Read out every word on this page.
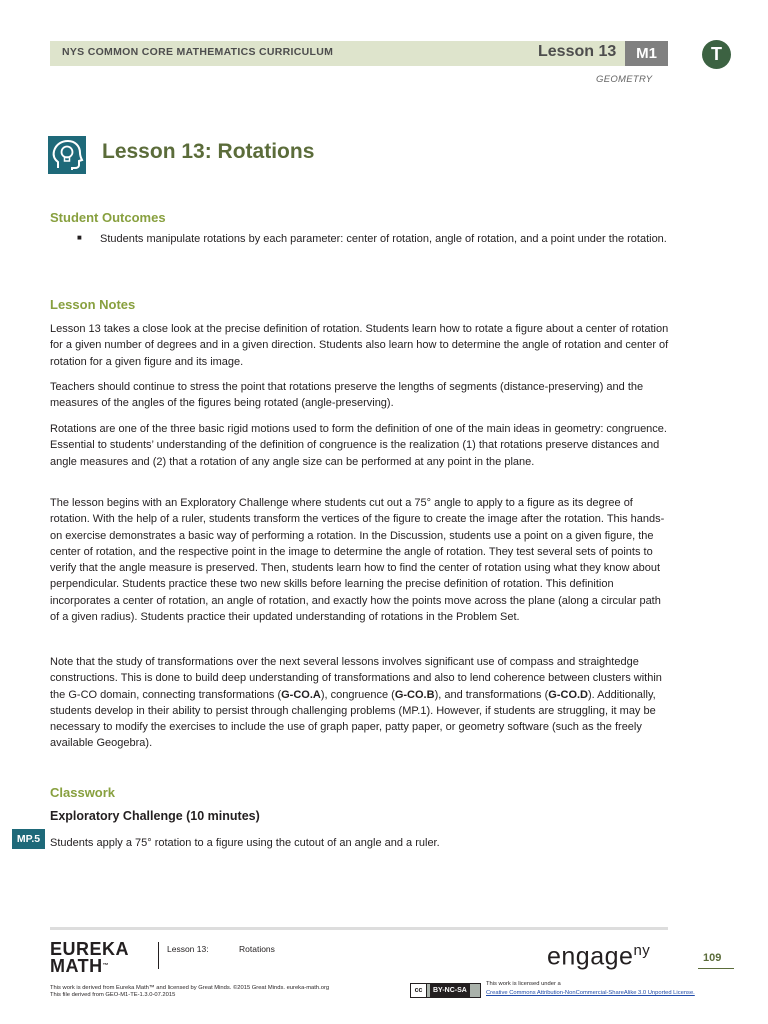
NYS COMMON CORE MATHEMATICS CURRICULUM	Lesson 13	M1
GEOMETRY
T
Lesson 13: Rotations
Student Outcomes
■ Students manipulate rotations by each parameter: center of rotation, angle of rotation, and a point under the rotation.
Lesson Notes
Lesson 13 takes a close look at the precise definition of rotation. Students learn how to rotate a figure about a center of rotation for a given number of degrees and in a given direction. Students also learn how to determine the angle of rotation and center of rotation for a given figure and its image.
Teachers should continue to stress the point that rotations preserve the lengths of segments (distance-preserving) and the measures of the angles of the figures being rotated (angle-preserving).
Rotations are one of the three basic rigid motions used to form the definition of one of the main ideas in geometry: congruence. Essential to students’ understanding of the definition of congruence is the realization (1) that rotations preserve distances and angle measures and (2) that a rotation of any angle size can be performed at any point in the plane.
The lesson begins with an Exploratory Challenge where students cut out a 75° angle to apply to a figure as its degree of rotation. With the help of a ruler, students transform the vertices of the figure to create the image after the rotation. This hands-on exercise demonstrates a basic way of performing a rotation. In the Discussion, students use a point on a given figure, the center of rotation, and the respective point in the image to determine the angle of rotation. They test several sets of points to verify that the angle measure is preserved. Then, students learn how to find the center of rotation using what they know about perpendicular. Students practice these two new skills before learning the precise definition of rotation. This definition incorporates a center of rotation, an angle of rotation, and exactly how the points move across the plane (along a circular path of a given radius). Students practice their updated understanding of rotations in the Problem Set.
Note that the study of transformations over the next several lessons involves significant use of compass and straightedge constructions. This is done to build deep understanding of transformations and also to lend coherence between clusters within the G-CO domain, connecting transformations (G-CO.A), congruence (G-CO.B), and transformations (G-CO.D). Additionally, students develop in their ability to persist through challenging problems (MP.1). However, if students are struggling, it may be necessary to modify the exercises to include the use of graph paper, patty paper, or geometry software (such as the freely available Geogebra).
Classwork
Exploratory Challenge (10 minutes)
MP.5 Students apply a 75° rotation to a figure using the cutout of an angle and a ruler.
EUREKA
MATH™
Lesson 13:	Rotations	engage$^{ny}$	109
This work is derived from Eureka Math™ and licensed by Great Minds. ©2015 Great Minds. eureka-math.org
This file derived from GEO-M1-TE-1.3.0-07.2015
cc	BY-NC-SA
This work is licensed under a
Creative Commons Attribution-NonCommercial-ShareAlike 3.0 Unported License.
